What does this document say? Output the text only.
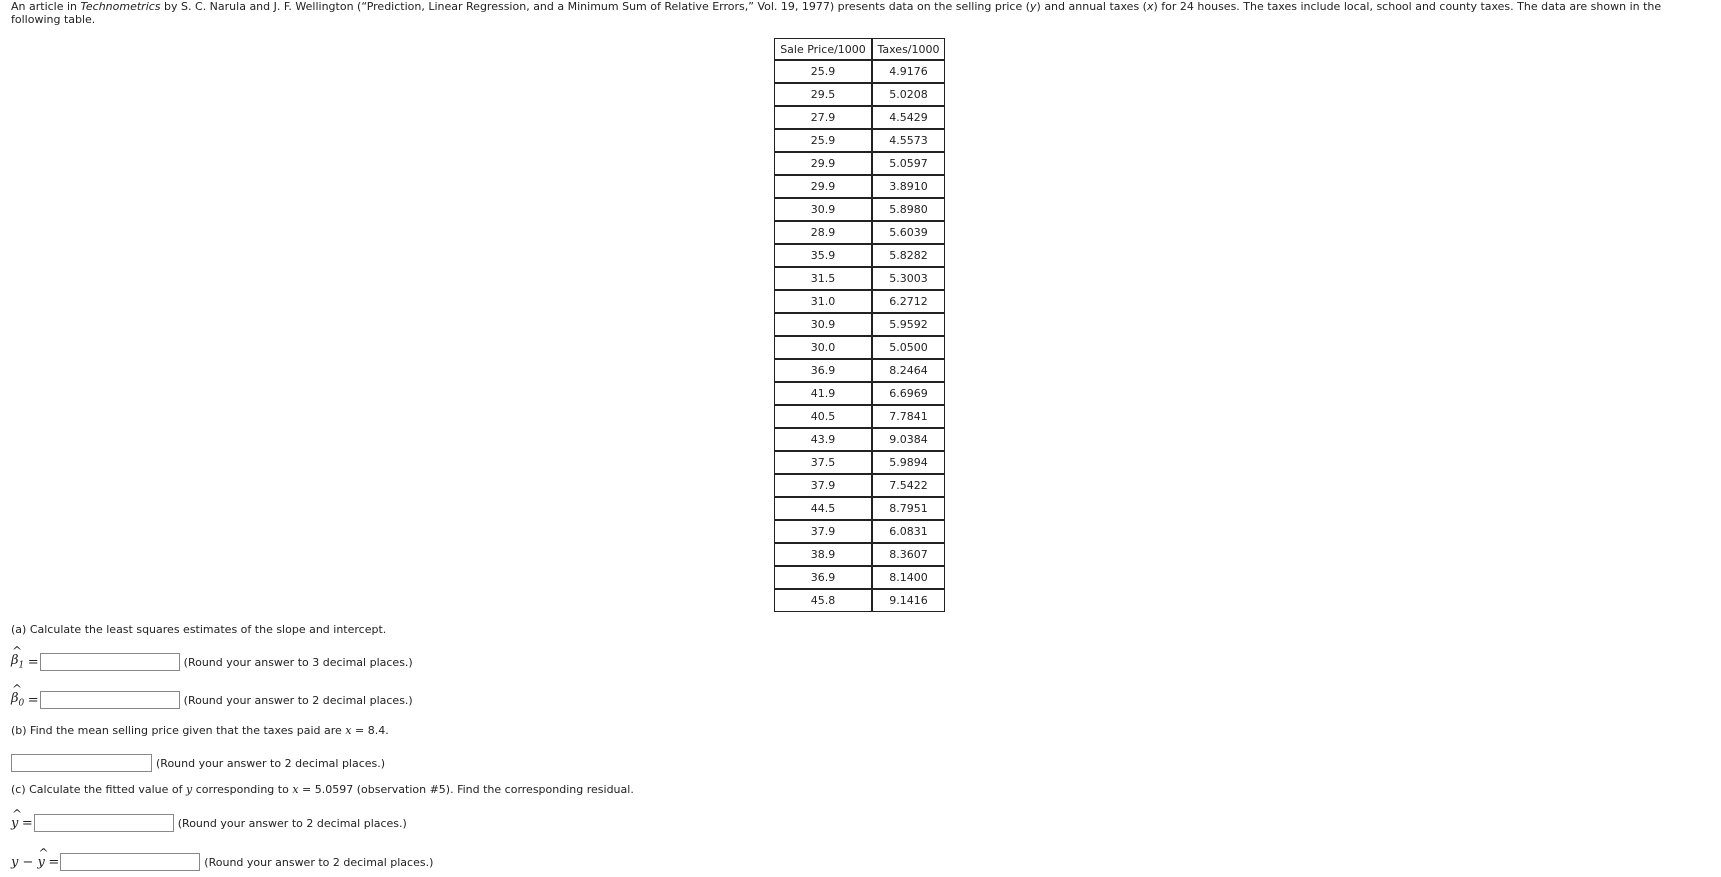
An article in Technometrics by S. C. Narula and J. F. Wellington (“Prediction, Linear Regression, and a Minimum Sum of Relative Errors,” Vol. 19, 1977) presents data on the selling price (y) and annual taxes (x) for 24 houses. The taxes include local, school and county taxes. The data are shown in the following table.
Sale Price/1000	Taxes/1000
25.9	4.9176
29.5	5.0208
27.9	4.5429
25.9	4.5573
29.9	5.0597
29.9	3.8910
30.9	5.8980
28.9	5.6039
35.9	5.8282
31.5	5.3003
31.0	6.2712
30.9	5.9592
30.0	5.0500
36.9	8.2464
41.9	6.6969
40.5	7.7841
43.9	9.0384
37.5	5.9894
37.9	7.5422
44.5	8.7951
37.9	6.0831
38.9	8.3607
36.9	8.1400
45.8	9.1416
(a) Calculate the least squares estimates of the slope and intercept.
^ $\beta_1$ =	(Round your answer to 3 decimal places.)
^ $\beta_0$ =	(Round your answer to 2 decimal places.)
(b) Find the mean selling price given that the taxes paid are x = 8.4.
(Round your answer to 2 decimal places.)
(c) Calculate the fitted value of y corresponding to x = 5.0597 (observation #5). Find the corresponding residual.
^ y =	(Round your answer to 2 decimal places.)
y − ^ y =	(Round your answer to 2 decimal places.)
